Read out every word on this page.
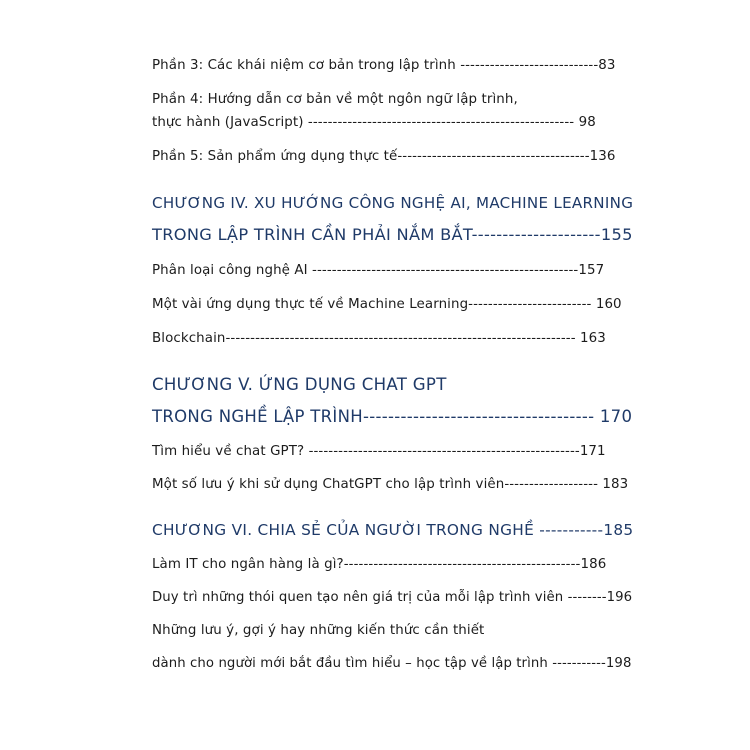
Phần 3: Các khái niệm cơ bản trong lập trình ----------------------------83
Phần 4: Hướng dẫn cơ bản về một ngôn ngữ lập trình,
thực hành (JavaScript) ------------------------------------------------------ 98
Phần 5: Sản phẩm ứng dụng thực tế---------------------------------------136
CHƯƠNG IV. XU HƯỚNG CÔNG NGHỆ AI, MACHINE LEARNING
TRONG LẬP TRÌNH CẦN PHẢI NẮM BẮT---------------------155
Phân loại công nghệ AI ------------------------------------------------------157
Một vài ứng dụng thực tế về Machine Learning------------------------- 160
Blockchain----------------------------------------------------------------------- 163
CHƯƠNG V. ỨNG DỤNG CHAT GPT
TRONG NGHỀ LẬP TRÌNH------------------------------------- 170
Tìm hiểu về chat GPT? -------------------------------------------------------171
Một số lưu ý khi sử dụng ChatGPT cho lập trình viên------------------- 183
CHƯƠNG VI. CHIA SẺ CỦA NGƯỜI TRONG NGHỀ -----------185
Làm IT cho ngân hàng là gì?------------------------------------------------186
Duy trì những thói quen tạo nên giá trị của mỗi lập trình viên --------196
Những lưu ý, gợi ý hay những kiến thức cần thiết
dành cho người mới bắt đầu tìm hiểu – học tập về lập trình -----------198
